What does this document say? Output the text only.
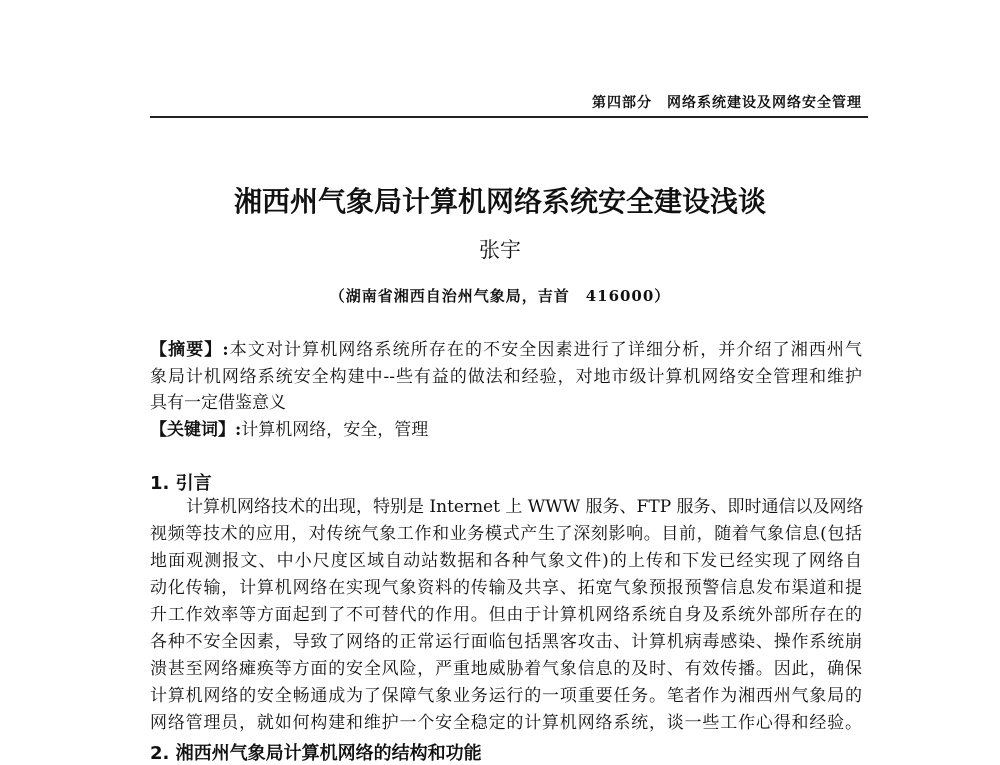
第四部分　网络系统建设及网络安全管理
湘西州气象局计算机网络系统安全建设浅谈
张宇
（湖南省湘西自治州气象局，吉首　416000）
【摘要】:本文对计算机网络系统所存在的不安全因素进行了详细分析，并介绍了湘西州气
象局计机网络系统安全构建中--些有益的做法和经验，对地市级计算机网络安全管理和维护
具有一定借鉴意义
【关键词】:计算机网络，安全，管理
1. 引言
计算机网络技术的出现，特别是 Internet 上 WWW 服务、FTP 服务、即时通信以及网络
视频等技术的应用，对传统气象工作和业务模式产生了深刻影响。目前，随着气象信息(包括
地面观测报文、中小尺度区域自动站数据和各种气象文件)的上传和下发已经实现了网络自
动化传输，计算机网络在实现气象资料的传输及共享、拓宽气象预报预警信息发布渠道和提
升工作效率等方面起到了不可替代的作用。但由于计算机网络系统自身及系统外部所存在的
各种不安全因素，导致了网络的正常运行面临包括黑客攻击、计算机病毒感染、操作系统崩
溃甚至网络瘫痪等方面的安全风险，严重地威胁着气象信息的及时、有效传播。因此，确保
计算机网络的安全畅通成为了保障气象业务运行的一项重要任务。笔者作为湘西州气象局的
网络管理员，就如何构建和维护一个安全稳定的计算机网络系统，谈一些工作心得和经验。
2. 湘西州气象局计算机网络的结构和功能
